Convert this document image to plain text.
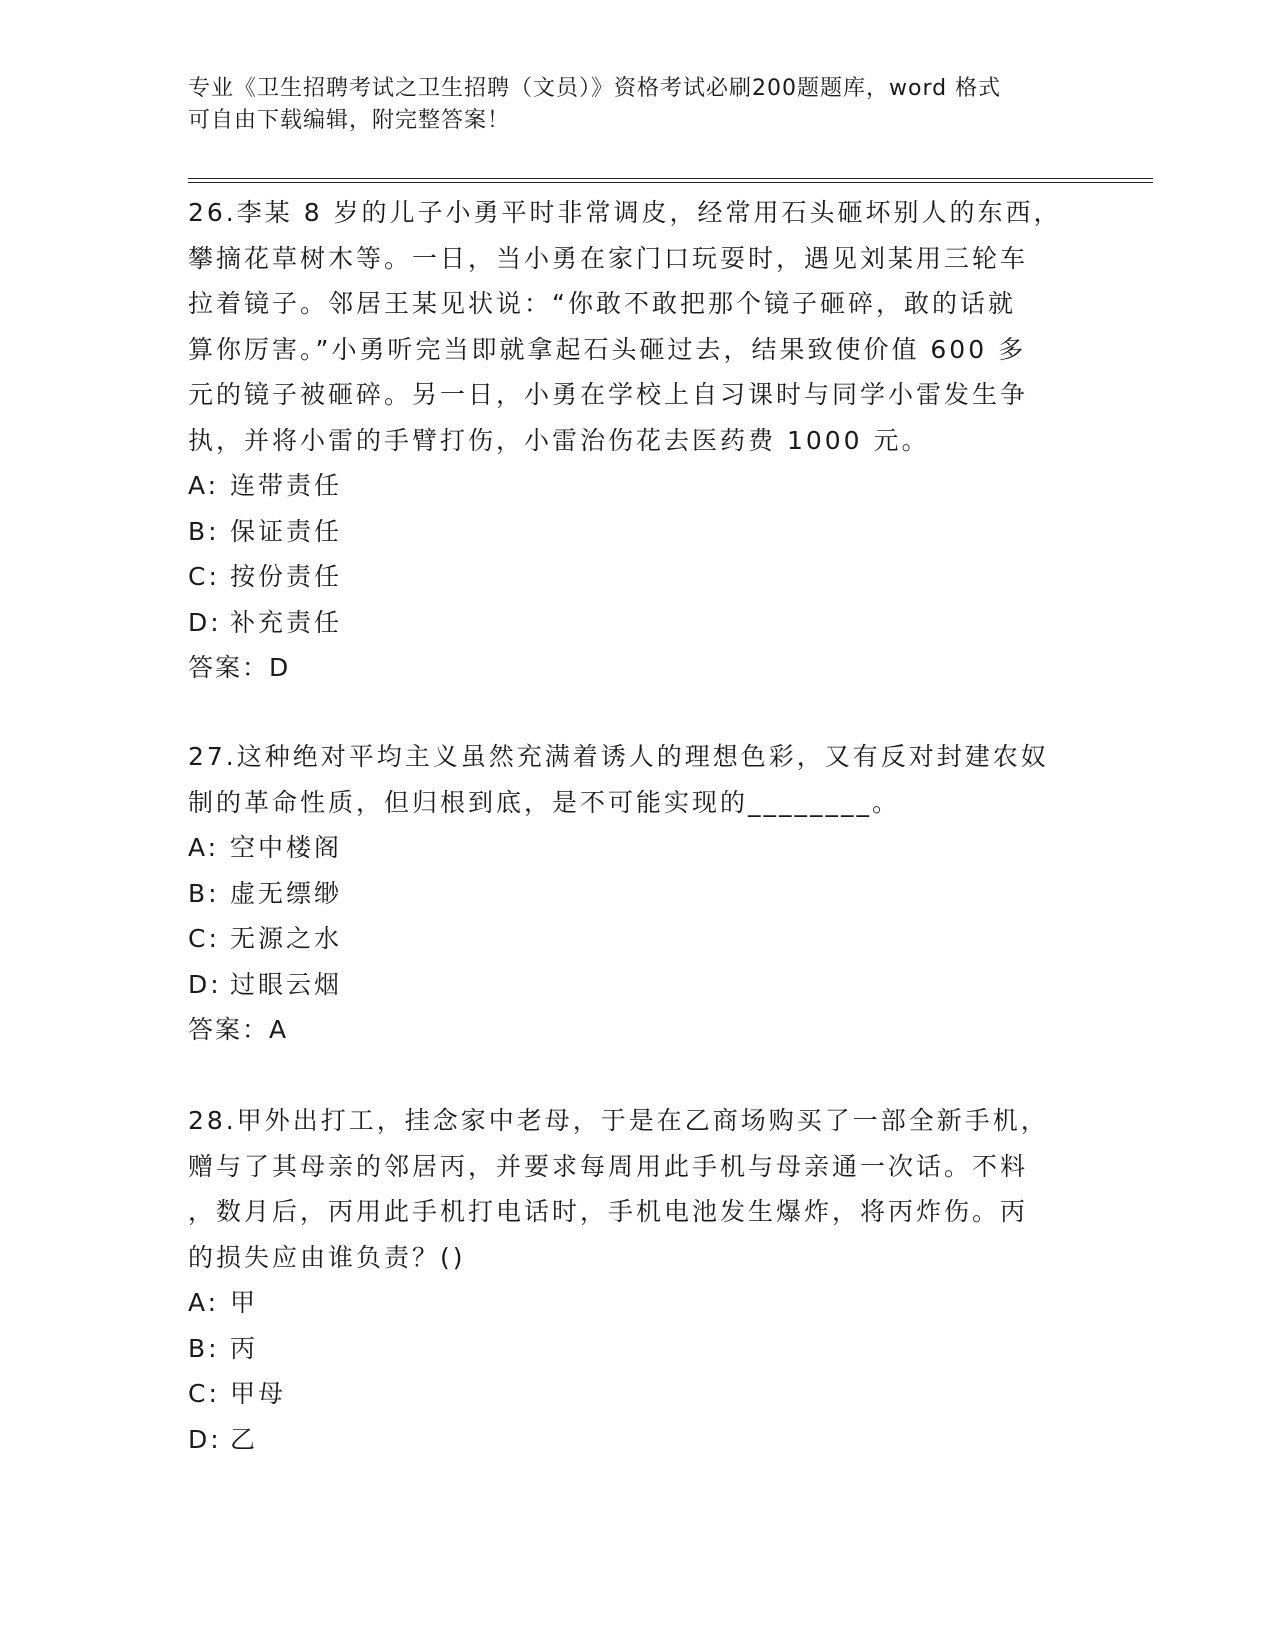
专业《卫生招聘考试之卫生招聘（文员）》资格考试必刷200题题库，word 格式
可自由下载编辑，附完整答案！
26.李某 8 岁的儿子小勇平时非常调皮，经常用石头砸坏别人的东西，
攀摘花草树木等。一日，当小勇在家门口玩耍时，遇见刘某用三轮车
拉着镜子。邻居王某见状说：“你敢不敢把那个镜子砸碎，敢的话就
算你厉害。”小勇听完当即就拿起石头砸过去，结果致使价值 600 多
元的镜子被砸碎。另一日，小勇在学校上自习课时与同学小雷发生争
执，并将小雷的手臂打伤，小雷治伤花去医药费 1000 元。
A: 连带责任
B: 保证责任
C: 按份责任
D: 补充责任
答案：D
27.这种绝对平均主义虽然充满着诱人的理想色彩，又有反对封建农奴
制的革命性质，但归根到底，是不可能实现的________。
A: 空中楼阁
B: 虚无缥缈
C: 无源之水
D: 过眼云烟
答案：A
28.甲外出打工，挂念家中老母，于是在乙商场购买了一部全新手机，
赠与了其母亲的邻居丙，并要求每周用此手机与母亲通一次话。不料
，数月后，丙用此手机打电话时，手机电池发生爆炸，将丙炸伤。丙
的损失应由谁负责？()
A: 甲
B: 丙
C: 甲母
D: 乙
